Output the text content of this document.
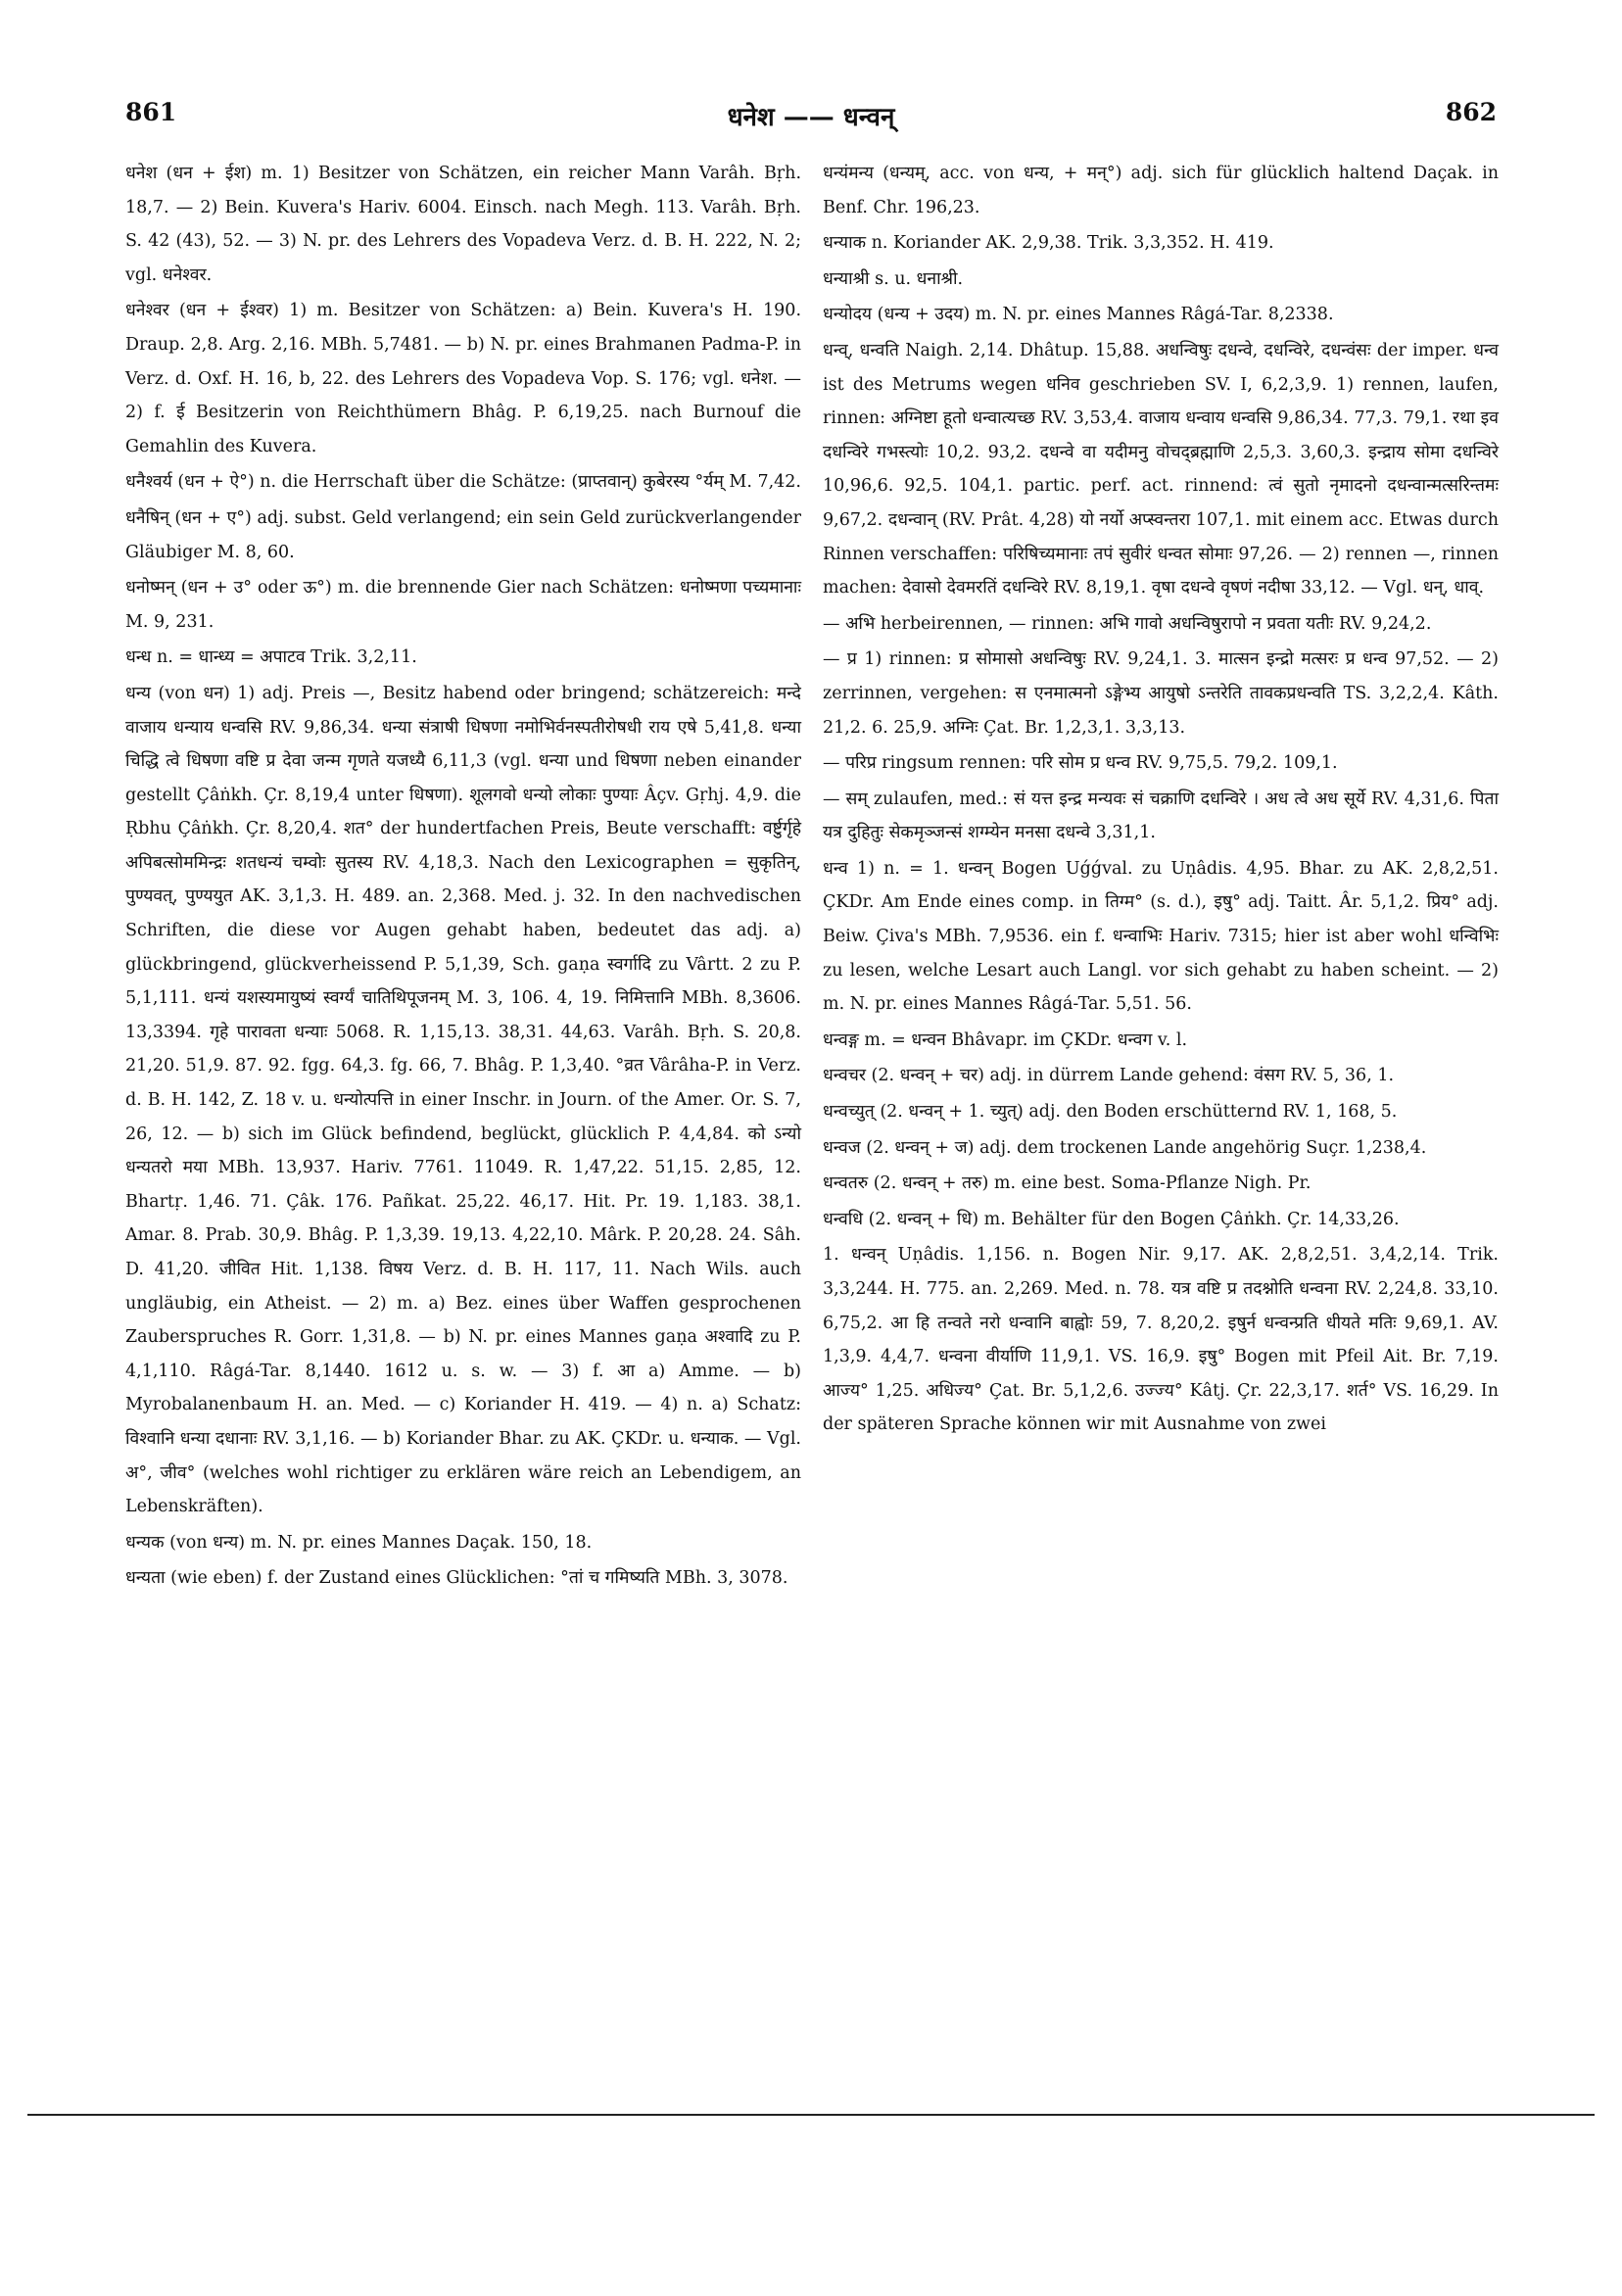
861	धनेश —— धन्वन्	862

धनेश (धन + ईश) m. 1) Besitzer von Schätzen, ein reicher Mann Varâh. Bṛh. 18,7. — 2) Bein. Kuvera's Hariv. 6004. Einsch. nach Megh. 113. Varâh. Bṛh. S. 42 (43), 52. — 3) N. pr. des Lehrers des Vopadeva Verz. d. B. H. 222, N. 2; vgl. धनेश्वर.

धनेश्वर (धन + ईश्वर) 1) m. Besitzer von Schätzen: a) Bein. Kuvera's H. 190. Draup. 2,8. Arg. 2,16. MBh. 5,7481. — b) N. pr. eines Brahmanen Padma-P. in Verz. d. Oxf. H. 16, b, 22. des Lehrers des Vopadeva Vop. S. 176; vgl. धनेश. — 2) f. ई Besitzerin von Reichthümern Bhâg. P. 6,19,25. nach Burnouf die Gemahlin des Kuvera.

धनैश्वर्य (धन + ऐ°) n. die Herrschaft über die Schätze: (प्राप्तवान्) कुबेरस्य °र्यम् M. 7,42.

धनैषिन् (धन + ए°) adj. subst. Geld verlangend; ein sein Geld zurückverlangender Gläubiger M. 8, 60.

धनोष्मन् (धन + उ° oder ऊ°) m. die brennende Gier nach Schätzen: धनोष्मणा पच्यमानाः M. 9, 231.

धन्ध n. = धान्ध्य = अपाटव Trik. 3,2,11.

धन्य (von धन) 1) adj. Preis —, Besitz habend oder bringend; schätzereich: मन्दे वाजाय धन्याय धन्वसि RV. 9,86,34. धन्या संत्राषी धिषणा नमोभिर्वनस्पतीरोषधी राय एषे 5,41,8. धन्या चिद्धि त्वे धिषणा वष्टि प्र देवा जन्म गृणते यजध्यै 6,11,3 (vgl. धन्या und धिषणा neben einander gestellt Çâṅkh. Çr. 8,19,4 unter धिषणा). शूलगवो धन्यो लोकाः पुण्याः Âçv. Gṛhj. 4,9. die Ṛbhu Çâṅkh. Çr. 8,20,4. शत° der hundertfachen Preis, Beute verschafft: वर्ष्टुर्गृहे अपिबत्सोममिन्द्रः शतधन्यं चम्वोः सुतस्य RV. 4,18,3. Nach den Lexicographen = सुकृतिन्, पुण्यवत्, पुण्ययुत AK. 3,1,3. H. 489. an. 2,368. Med. j. 32. In den nachvedischen Schriften, die diese vor Augen gehabt haben, bedeutet das adj. a) glückbringend, glückverheissend P. 5,1,39, Sch. gaṇa स्वर्गादि zu Vârtt. 2 zu P. 5,1,111. धन्यं यशस्यमायुष्यं स्वर्ग्यं चातिथिपूजनम् M. 3, 106. 4, 19. निमित्तानि MBh. 8,3606. 13,3394. गृहे पारावता धन्याः 5068. R. 1,15,13. 38,31. 44,63. Varâh. Bṛh. S. 20,8. 21,20. 51,9. 87. 92. fgg. 64,3. fg. 66, 7. Bhâg. P. 1,3,40. °व्रत Vârâha-P. in Verz. d. B. H. 142, Z. 18 v. u. धन्योत्पत्ति in einer Inschr. in Journ. of the Amer. Or. S. 7, 26, 12. — b) sich im Glück befindend, beglückt, glücklich P. 4,4,84. को ऽन्यो धन्यतरो मया MBh. 13,937. Hariv. 7761. 11049. R. 1,47,22. 51,15. 2,85, 12. Bhartṛ. 1,46. 71. Çâk. 176. Pañkat. 25,22. 46,17. Hit. Pr. 19. 1,183. 38,1. Amar. 8. Prab. 30,9. Bhâg. P. 1,3,39. 19,13. 4,22,10. Mârk. P. 20,28. 24. Sâh. D. 41,20. जीवित Hit. 1,138. विषय Verz. d. B. H. 117, 11. Nach Wils. auch ungläubig, ein Atheist. — 2) m. a) Bez. eines über Waffen gesprochenen Zauberspruches R. Gorr. 1,31,8. — b) N. pr. eines Mannes gaṇa अश्वादि zu P. 4,1,110. Râgá-Tar. 8,1440. 1612 u. s. w. — 3) f. आ a) Amme. — b) Myrobalanenbaum H. an. Med. — c) Koriander H. 419. — 4) n. a) Schatz: विश्वानि धन्या दधानाः RV. 3,1,16. — b) Koriander Bhar. zu AK. ÇKDr. u. धन्याक. — Vgl. अ°, जीव° (welches wohl richtiger zu erklären wäre reich an Lebendigem, an Lebenskräften).

धन्यक (von धन्य) m. N. pr. eines Mannes Daçak. 150, 18.

धन्यता (wie eben) f. der Zustand eines Glücklichen: °तां च गमिष्यति MBh. 3, 3078.

धन्यंमन्य (धन्यम्, acc. von धन्य, + मन्°) adj. sich für glücklich haltend Daçak. in Benf. Chr. 196,23.

धन्याक n. Koriander AK. 2,9,38. Trik. 3,3,352. H. 419.

धन्याश्री s. u. धनाश्री.

धन्योदय (धन्य + उदय) m. N. pr. eines Mannes Râgá-Tar. 8,2338.

धन्व्, धन्वति Naigh. 2,14. Dhâtup. 15,88. अधन्विषुः दधन्वे, दधन्विरे, दधन्वंसः der imper. धन्व ist des Metrums wegen धनिव geschrieben SV. I, 6,2,3,9. 1) rennen, laufen, rinnen: अग्निष्टा हूतो धन्वात्यच्छ RV. 3,53,4. वाजाय धन्वाय धन्वसि 9,86,34. 77,3. 79,1. रथा इव दधन्विरे गभस्त्योः 10,2. 93,2. दधन्वे वा यदीमनु वोचद्ब्रह्माणि 2,5,3. 3,60,3. इन्द्राय सोमा दधन्विरे 10,96,6. 92,5. 104,1. partic. perf. act. rinnend: त्वं सुतो नृमादनो दधन्वान्मत्सरिन्तमः 9,67,2. दधन्वान् (RV. Prât. 4,28) यो नर्यो अप्स्वन्तरा 107,1. mit einem acc. Etwas durch Rinnen verschaffen: परिषिच्यमानाः तपं सुवीरं धन्वत सोमाः 97,26. — 2) rennen —, rinnen machen: देवासो देवमरतिं दधन्विरे RV. 8,19,1. वृषा दधन्वे वृषणं नदीषा 33,12. — Vgl. धन्, धाव्.

— अभि herbeirennen, — rinnen: अभि गावो अधन्विषुरापो न प्रवता यतीः RV. 9,24,2.

— प्र 1) rinnen: प्र सोमासो अधन्विषुः RV. 9,24,1. 3. मात्सन इन्द्रो मत्सरः प्र धन्व 97,52. — 2) zerrinnen, vergehen: स एनमात्मनो ऽङ्गेभ्य आयुषो ऽन्तरेति तावकप्रधन्वति TS. 3,2,2,4. Kâth. 21,2. 6. 25,9. अग्निः Çat. Br. 1,2,3,1. 3,3,13.

— परिप्र ringsum rennen: परि सोम प्र धन्व RV. 9,75,5. 79,2. 109,1.

— सम् zulaufen, med.: सं यत्त इन्द्र मन्यवः सं चक्राणि दधन्विरे । अध त्वे अध सूर्ये RV. 4,31,6. पिता यत्र दुहितुः सेकमृञ्जन्सं शग्म्येन मनसा दधन्वे 3,31,1.

धन्व 1) n. = 1. धन्वन् Bogen Uǵǵval. zu Uṇâdis. 4,95. Bhar. zu AK. 2,8,2,51. ÇKDr. Am Ende eines comp. in तिग्म° (s. d.), इषु° adj. Taitt. Âr. 5,1,2. प्रिय° adj. Beiw. Çiva's MBh. 7,9536. ein f. धन्वाभिः Hariv. 7315; hier ist aber wohl धन्विभिः zu lesen, welche Lesart auch Langl. vor sich gehabt zu haben scheint. — 2) m. N. pr. eines Mannes Râgá-Tar. 5,51. 56.

धन्वङ्ग m. = धन्वन Bhâvapr. im ÇKDr. धन्वग v. l.

धन्वचर (2. धन्वन् + चर) adj. in dürrem Lande gehend: वंसग RV. 5, 36, 1.

धन्वच्युत् (2. धन्वन् + 1. च्युत्) adj. den Boden erschütternd RV. 1, 168, 5.

धन्वज (2. धन्वन् + ज) adj. dem trockenen Lande angehörig Suçr. 1,238,4.

धन्वतरु (2. धन्वन् + तरु) m. eine best. Soma-Pflanze Nigh. Pr.

धन्वधि (2. धन्वन् + धि) m. Behälter für den Bogen Çâṅkh. Çr. 14,33,26.

1. धन्वन् Uṇâdis. 1,156. n. Bogen Nir. 9,17. AK. 2,8,2,51. 3,4,2,14. Trik. 3,3,244. H. 775. an. 2,269. Med. n. 78. यत्र वष्टि प्र तदश्नोति धन्वना RV. 2,24,8. 33,10. 6,75,2. आ हि तन्वते नरो धन्वानि बाह्वोः 59, 7. 8,20,2. इषुर्न धन्वन्प्रति धीयते मतिः 9,69,1. AV. 1,3,9. 4,4,7. धन्वना वीर्याणि 11,9,1. VS. 16,9. इषु° Bogen mit Pfeil Ait. Br. 7,19. आज्य° 1,25. अधिज्य° Çat. Br. 5,1,2,6. उज्ज्य° Kâtj. Çr. 22,3,17. शर्त° VS. 16,29. In der späteren Sprache können wir mit Ausnahme von zwei
